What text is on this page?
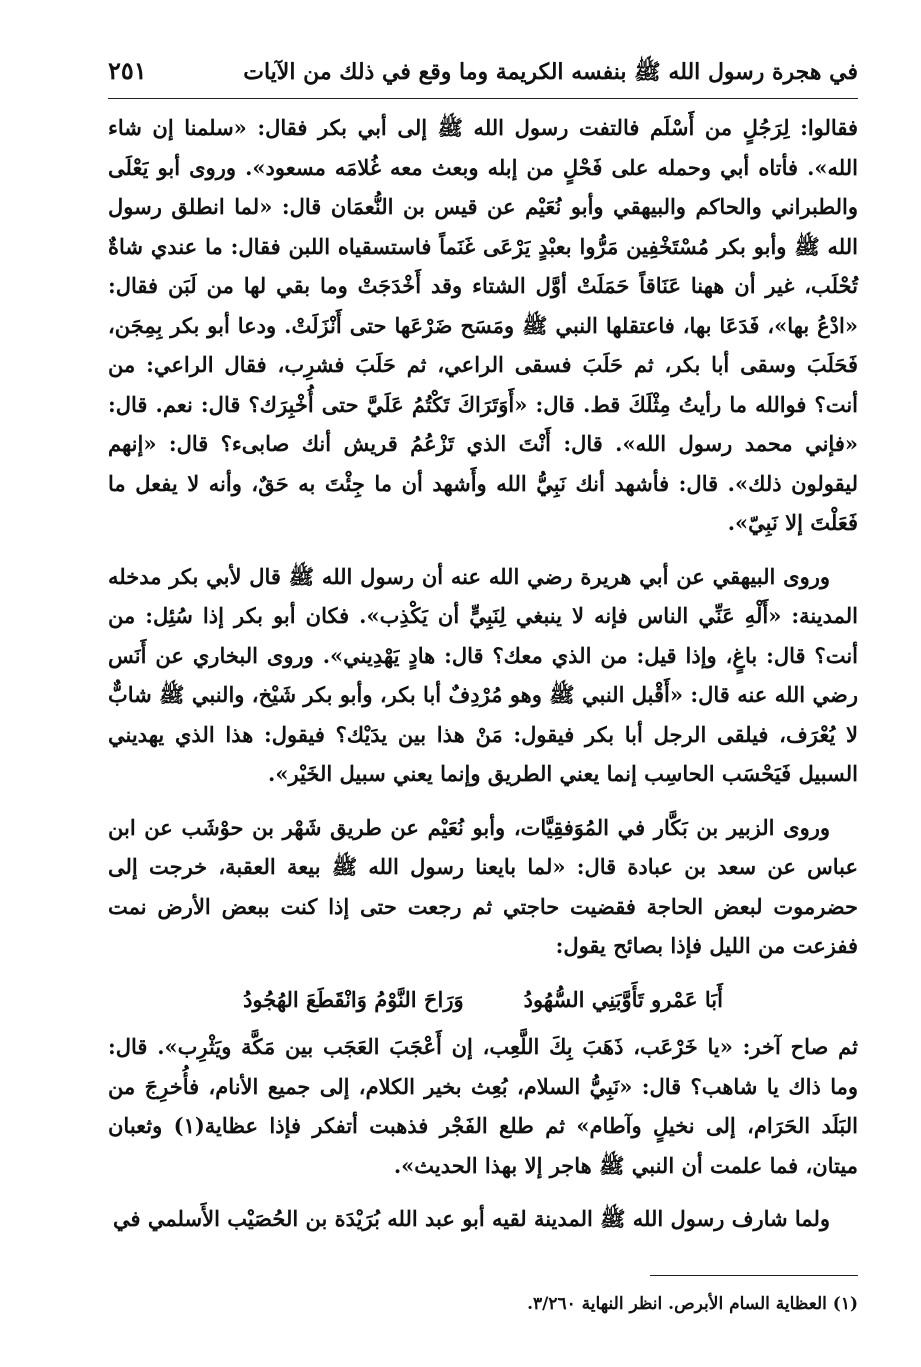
في هجرة رسول الله ﷺ بنفسه الكريمة وما وقع في ذلك من الآيات
٢٥١

فقالوا: لِرَجُلٍ من أَسْلَم فالتفت رسول الله ﷺ إلى أبي بكر فقال: «سلمنا إن شاء الله». فأتاه أبي وحمله على فَحْلٍ من إبله وبعث معه غُلامَه مسعود». وروى أبو يَعْلَى والطبراني والحاكم والبيهقي وأبو نُعَيْم عن قيس بن النُّعمَان قال: «لما انطلق رسول الله ﷺ وأبو بكر مُسْتَخْفِين مَرُّوا بعبْدٍ يَرْعَى غَنَماً فاستسقياه اللبن فقال: ما عندي شاةٌ تُحْلَب، غير أن ههنا عَنَاقاً حَمَلَتْ أوَّل الشتاء وقد أَخْدَجَتْ وما بقي لها من لَبَن فقال: «ادْعُ بها»، فَدَعَا بها، فاعتقلها النبي ﷺ ومَسَح ضَرْعَها حتى أَنْزَلَتْ. ودعا أبو بكر بِمِجَن، فَحَلَبَ وسقى أبا بكر، ثم حَلَبَ فسقى الراعي، ثم حَلَبَ فشرِب، فقال الراعي: من أنت؟ فوالله ما رأيتُ مِثْلَكَ قط. قال: «أَوَتَرَاكَ تَكْتُمُ عَلَيَّ حتى أُخْبِرَك؟ قال: نعم. قال: «فإني محمد رسول الله». قال: أَنْتَ الذي تَزْعُمُ قريش أنك صابىء؟ قال: «إنهم ليقولون ذلك». قال: فأشهد أنك نَبِيُّ الله وأَشهد أن ما جِئْتَ به حَقٌ، وأنه لا يفعل ما فَعَلْتَ إلا نَبِيّ».

وروى البيهقي عن أبي هريرة رضي الله عنه أن رسول الله ﷺ قال لأبي بكر مدخله المدينة: «أَلْهِ عَنِّي الناس فإنه لا ينبغي لِنَبِيٍّ أن يَكْذِب». فكان أبو بكر إذا سُئِل: من أنت؟ قال: باغٍ، وإذا قيل: من الذي معك؟ قال: هادٍ يَهْدِيني». وروى البخاري عن أَنَس رضي الله عنه قال: «أَقْبل النبي ﷺ وهو مُرْدِفٌ أبا بكر، وأبو بكر شَيْخ، والنبي ﷺ شابٌّ لا يُعْرَف، فيلقى الرجل أبا بكر فيقول: مَنْ هذا بين يدَيْك؟ فيقول: هذا الذي يهديني السبيل فَيَحْسَب الحاسِب إنما يعني الطريق وإنما يعني سبيل الخَيْر».

وروى الزبير بن بَكَّار في المُوَفقِيَّات، وأبو نُعَيْم عن طريق شَهْر بن حوْشَب عن ابن عباس عن سعد بن عبادة قال: «لما بايعنا رسول الله ﷺ بيعة العقبة، خرجت إلى حضرموت لبعض الحاجة فقضيت حاجتي ثم رجعت حتى إذا كنت ببعض الأرض نمت ففزعت من الليل فإذا بصائح يقول:

أَبَا عَمْرو تَأَوَّبَنِي السُّهُودُ
وَرَاحَ النَّوْمُ وَانْقَطَعَ الهُجُودُ

ثم صاح آخر: «يا خَرْعَب، ذَهَبَ بِكَ اللَّعِب، إن أَعْجَبَ العَجَب بين مَكَّة ويَثْرِب». قال: وما ذاك يا شاهب؟ قال: «نَبِيُّ السلام، بُعِث بخير الكلام، إلى جميع الأنام، فأُخرِجَ من البَلَد الحَرَام، إلى نخيلٍ وآطام» ثم طلع الفَجْر فذهبت أتفكر فإذا عظاية(١) وثعبان ميتان، فما علمت أن النبي ﷺ هاجر إلا بهذا الحديث».

ولما شارف رسول الله ﷺ المدينة لقيه أبو عبد الله بُرَيْدَة بن الحُصَيْب الأَسلمي في

(١) العظاية السام الأبرص. انظر النهاية ٣/٢٦٠.
